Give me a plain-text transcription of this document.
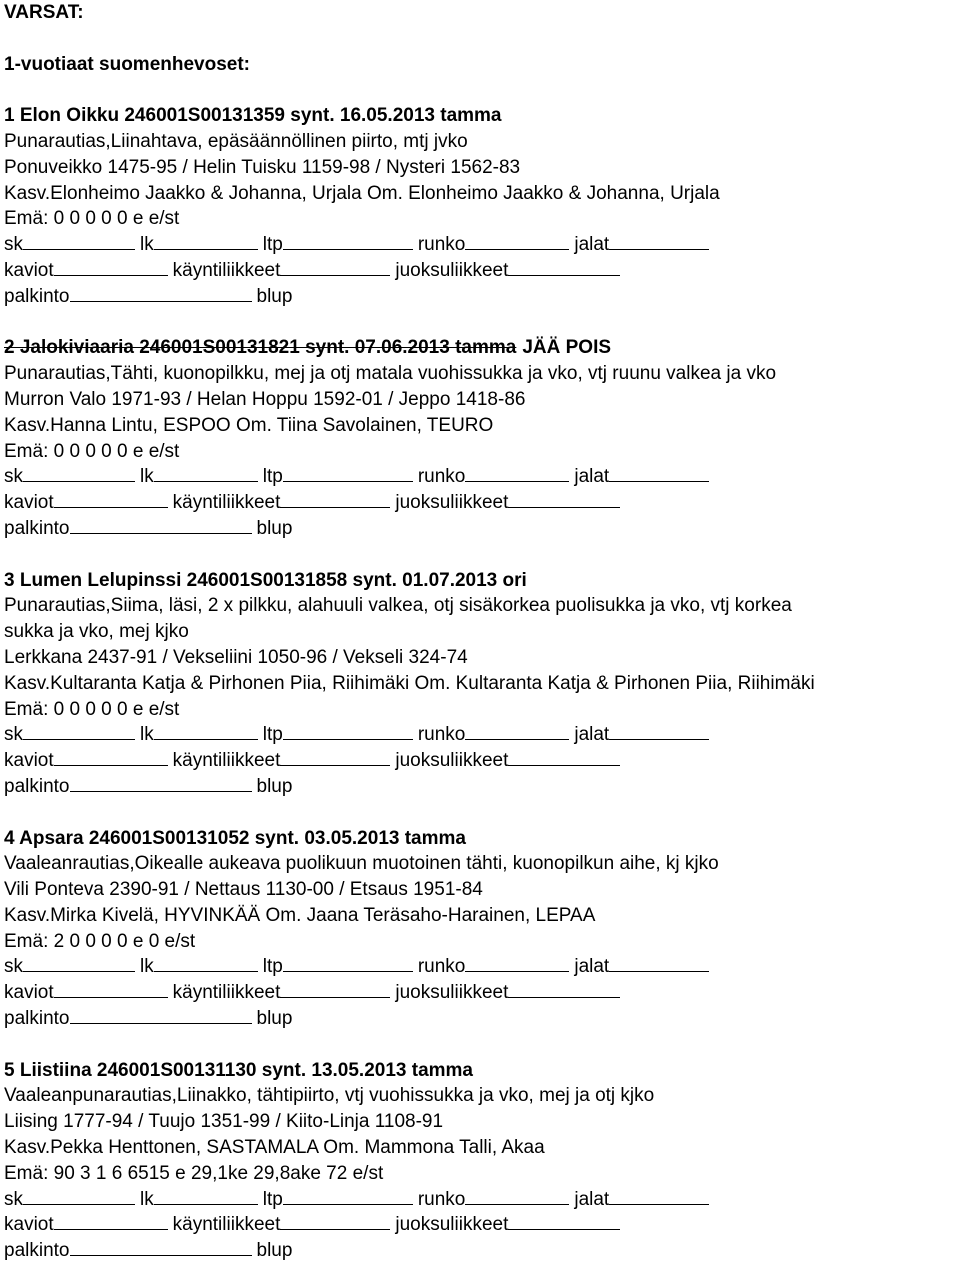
VARSAT:
1-vuotiaat suomenhevoset:
1 Elon Oikku 246001S00131359 synt. 16.05.2013 tamma
Punarautias,Liinahtava, epäsäännöllinen piirto, mtj jvko
Ponuveikko 1475-95 / Helin Tuisku 1159-98 / Nysteri 1562-83
Kasv.Elonheimo Jaakko & Johanna, Urjala Om. Elonheimo Jaakko & Johanna, Urjala
Emä: 0 0 0 0 0 e e/st
sk	lk	ltp	runko	jalat
kaviot	käyntiliikkeet	juoksuliikkeet
palkinto	blup
2 Jalokiviaaria 246001S00131821 synt. 07.06.2013 tamma JÄÄ POIS
Punarautias,Tähti, kuonopilkku, mej ja otj matala vuohissukka ja vko, vtj ruunu valkea ja vko
Murron Valo 1971-93 / Helan Hoppu 1592-01 / Jeppo 1418-86
Kasv.Hanna Lintu, ESPOO Om. Tiina Savolainen, TEURO
Emä: 0 0 0 0 0 e e/st
sk	lk	ltp	runko	jalat
kaviot	käyntiliikkeet	juoksuliikkeet
palkinto	blup
3 Lumen Lelupinssi 246001S00131858 synt. 01.07.2013 ori
Punarautias,Siima, läsi, 2 x pilkku, alahuuli valkea, otj sisäkorkea puolisukka ja vko, vtj korkea
sukka ja vko, mej kjko
Lerkkana 2437-91 / Vekseliini 1050-96 / Vekseli 324-74
Kasv.Kultaranta Katja & Pirhonen Piia, Riihimäki Om. Kultaranta Katja & Pirhonen Piia, Riihimäki
Emä: 0 0 0 0 0 e e/st
sk	lk	ltp	runko	jalat
kaviot	käyntiliikkeet	juoksuliikkeet
palkinto	blup
4 Apsara 246001S00131052 synt. 03.05.2013 tamma
Vaaleanrautias,Oikealle aukeava puolikuun muotoinen tähti, kuonopilkun aihe, kj kjko
Vili Ponteva 2390-91 / Nettaus 1130-00 / Etsaus 1951-84
Kasv.Mirka Kivelä, HYVINKÄÄ Om. Jaana Teräsaho-Harainen, LEPAA
Emä: 2 0 0 0 0 e 0 e/st
sk	lk	ltp	runko	jalat
kaviot	käyntiliikkeet	juoksuliikkeet
palkinto	blup
5 Liistiina 246001S00131130 synt. 13.05.2013 tamma
Vaaleanpunarautias,Liinakko, tähtipiirto, vtj vuohissukka ja vko, mej ja otj kjko
Liising 1777-94 / Tuujo 1351-99 / Kiito-Linja 1108-91
Kasv.Pekka Henttonen, SASTAMALA Om. Mammona Talli, Akaa
Emä: 90 3 1 6 6515 e 29,1ke 29,8ake 72 e/st
sk	lk	ltp	runko	jalat
kaviot	käyntiliikkeet	juoksuliikkeet
palkinto	blup
